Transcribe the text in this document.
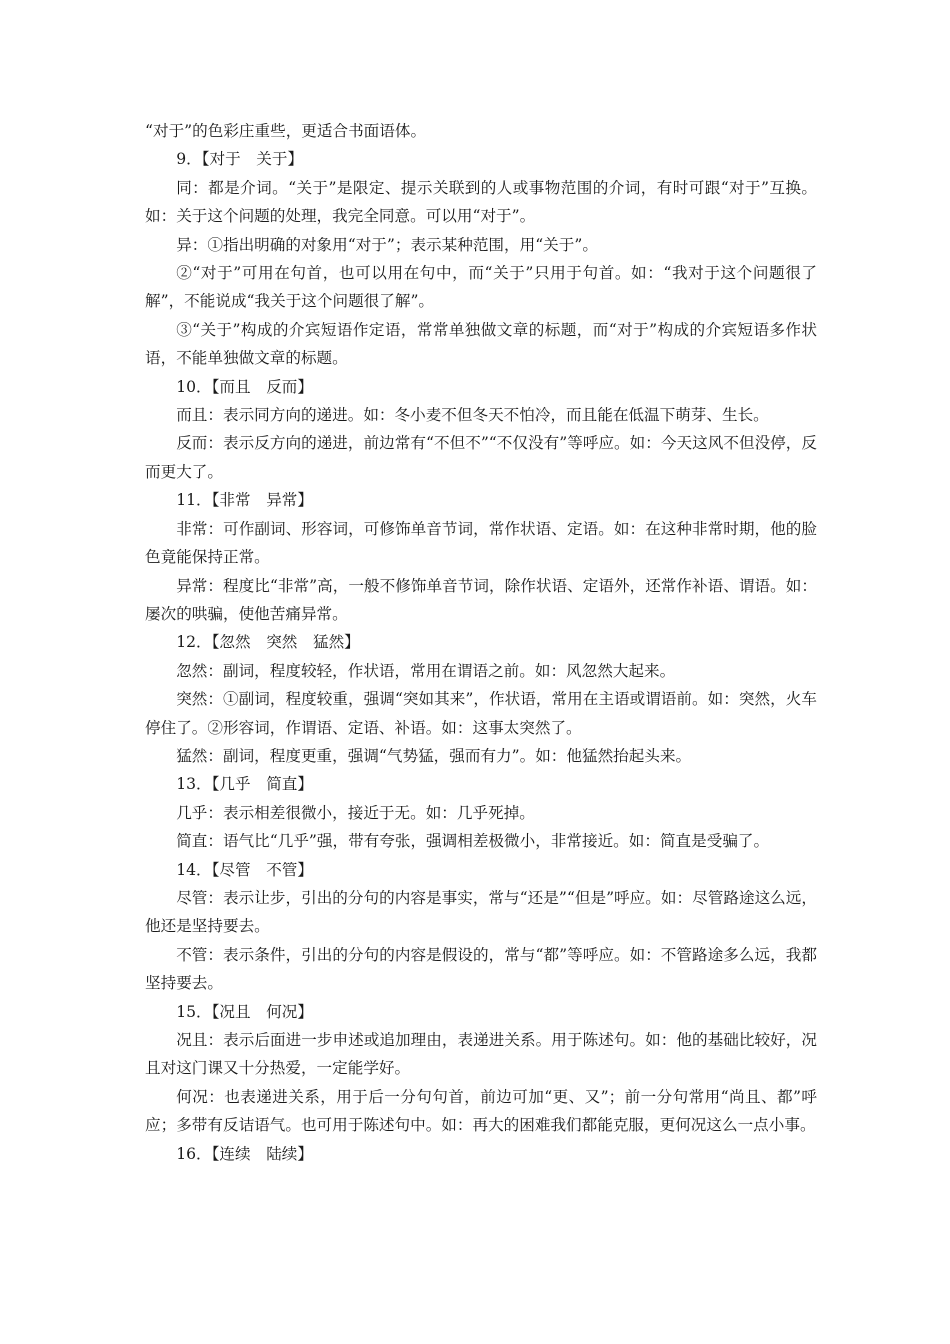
“对于”的色彩庄重些，更适合书面语体。

9．【对于　关于】

同：都是介词。“关于”是限定、提示关联到的人或事物范围的介词，有时可跟“对于”互换。如：关于这个问题的处理，我完全同意。可以用“对于”。

异：①指出明确的对象用“对于”；表示某种范围，用“关于”。

②“对于”可用在句首，也可以用在句中，而“关于”只用于句首。如：“我对于这个问题很了解”，不能说成“我关于这个问题很了解”。

③“关于”构成的介宾短语作定语，常常单独做文章的标题，而“对于”构成的介宾短语多作状语，不能单独做文章的标题。

10．【而且　反而】

而且：表示同方向的递进。如：冬小麦不但冬天不怕冷，而且能在低温下萌芽、生长。

反而：表示反方向的递进，前边常有“不但不”“不仅没有”等呼应。如：今天这风不但没停，反而更大了。

11．【非常　异常】

非常：可作副词、形容词，可修饰单音节词，常作状语、定语。如：在这种非常时期，他的脸色竟能保持正常。

异常：程度比“非常”高，一般不修饰单音节词，除作状语、定语外，还常作补语、谓语。如：屡次的哄骗，使他苦痛异常。

12．【忽然　突然　猛然】

忽然：副词，程度较轻，作状语，常用在谓语之前。如：风忽然大起来。

突然：①副词，程度较重，强调“突如其来”，作状语，常用在主语或谓语前。如：突然，火车停住了。②形容词，作谓语、定语、补语。如：这事太突然了。

猛然：副词，程度更重，强调“气势猛，强而有力”。如：他猛然抬起头来。

13．【几乎　简直】

几乎：表示相差很微小，接近于无。如：几乎死掉。

简直：语气比“几乎”强，带有夸张，强调相差极微小，非常接近。如：简直是受骗了。

14．【尽管　不管】

尽管：表示让步，引出的分句的内容是事实，常与“还是”“但是”呼应。如：尽管路途这么远，他还是坚持要去。

不管：表示条件，引出的分句的内容是假设的，常与“都”等呼应。如：不管路途多么远，我都坚持要去。

15．【况且　何况】

况且：表示后面进一步申述或追加理由，表递进关系。用于陈述句。如：他的基础比较好，况且对这门课又十分热爱，一定能学好。

何况：也表递进关系，用于后一分句句首，前边可加“更、又”；前一分句常用“尚且、都”呼应；多带有反诘语气。也可用于陈述句中。如：再大的困难我们都能克服，更何况这么一点小事。

16．【连续　陆续】
